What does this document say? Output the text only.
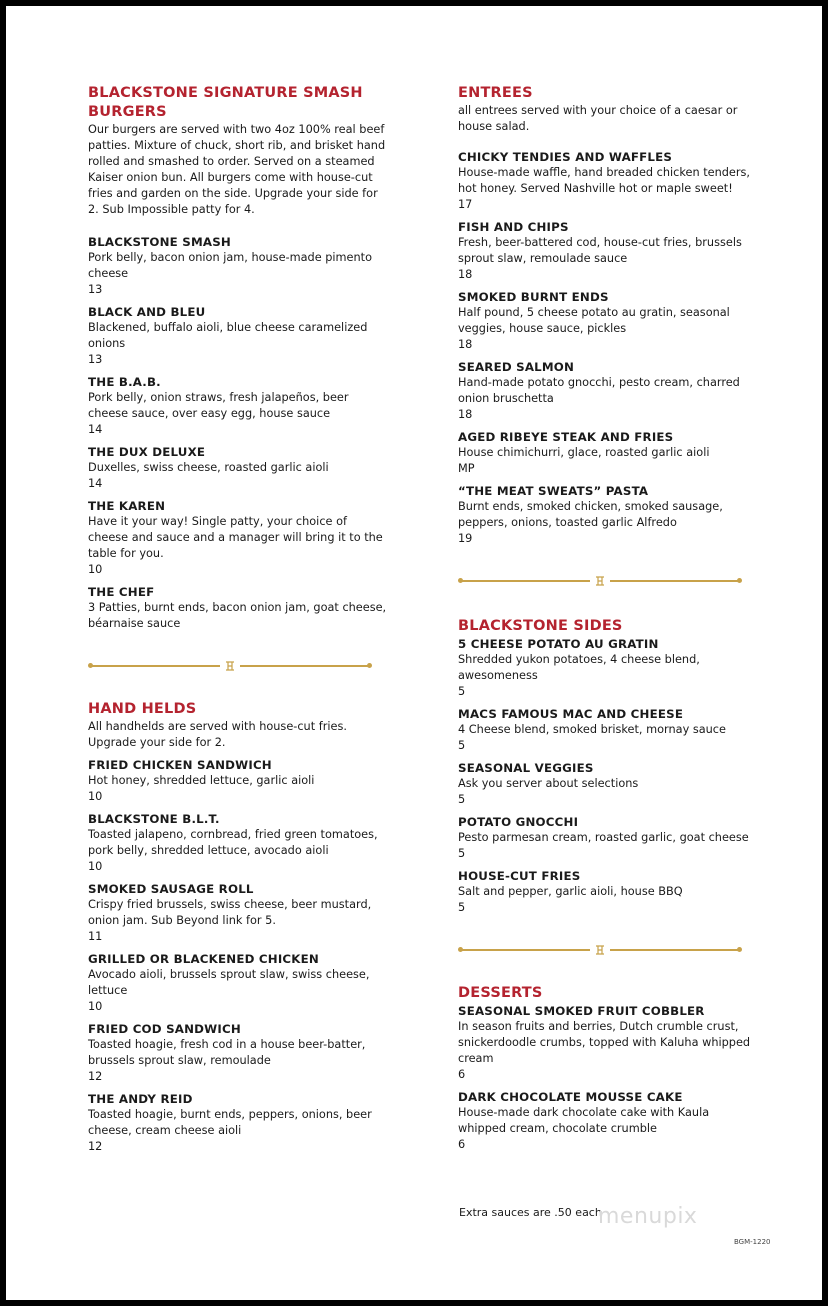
BLACKSTONE SIGNATURE SMASH BURGERS

Our burgers are served with two 4oz 100% real beef patties. Mixture of chuck, short rib, and brisket hand rolled and smashed to order. Served on a steamed Kaiser onion bun. All burgers come with house-cut fries and garden on the side. Upgrade your side for 2. Sub Impossible patty for 4.

BLACKSTONE SMASH
Pork belly, bacon onion jam, house-made pimento cheese
13
BLACK AND BLEU
Blackened, buffalo aioli, blue cheese caramelized onions
13
THE B.A.B.
Pork belly, onion straws, fresh jalapeños, beer cheese sauce, over easy egg, house sauce
14
THE DUX DELUXE
Duxelles, swiss cheese, roasted garlic aioli
14
THE KAREN
Have it your way! Single patty, your choice of cheese and sauce and a manager will bring it to the table for you.
10
THE CHEF
3 Patties, burnt ends, bacon onion jam, goat cheese, béarnaise sauce
HAND HELDS

All handhelds are served with house-cut fries. Upgrade your side for 2.

FRIED CHICKEN SANDWICH
Hot honey, shredded lettuce, garlic aioli
10
BLACKSTONE B.L.T.
Toasted jalapeno, cornbread, fried green tomatoes, pork belly, shredded lettuce, avocado aioli
10
SMOKED SAUSAGE ROLL
Crispy fried brussels, swiss cheese, beer mustard, onion jam. Sub Beyond link for 5.
11
GRILLED OR BLACKENED CHICKEN
Avocado aioli, brussels sprout slaw, swiss cheese, lettuce
10
FRIED COD SANDWICH
Toasted hoagie, fresh cod in a house beer-batter, brussels sprout slaw, remoulade
12
THE ANDY REID
Toasted hoagie, burnt ends, peppers, onions, beer cheese, cream cheese aioli
12
ENTREES

all entrees served with your choice of a caesar or house salad.

CHICKY TENDIES AND WAFFLES
House-made waffle, hand breaded chicken tenders, hot honey. Served Nashville hot or maple sweet!
17
FISH AND CHIPS
Fresh, beer-battered cod, house-cut fries, brussels sprout slaw, remoulade sauce
18
SMOKED BURNT ENDS
Half pound, 5 cheese potato au gratin, seasonal veggies, house sauce, pickles
18
SEARED SALMON
Hand-made potato gnocchi, pesto cream, charred onion bruschetta
18
AGED RIBEYE STEAK AND FRIES
House chimichurri, glace, roasted garlic aioli
MP
“THE MEAT SWEATS” PASTA
Burnt ends, smoked chicken, smoked sausage, peppers, onions, toasted garlic Alfredo
19
BLACKSTONE SIDES
5 CHEESE POTATO AU GRATIN
Shredded yukon potatoes, 4 cheese blend, awesomeness
5
MACS FAMOUS MAC AND CHEESE
4 Cheese blend, smoked brisket, mornay sauce
5
SEASONAL VEGGIES
Ask you server about selections
5
POTATO GNOCCHI
Pesto parmesan cream, roasted garlic, goat cheese
5
HOUSE-CUT FRIES
Salt and pepper, garlic aioli, house BBQ
5
DESSERTS
SEASONAL SMOKED FRUIT COBBLER
In season fruits and berries, Dutch crumble crust, snickerdoodle crumbs, topped with Kaluha whipped cream
6
DARK CHOCOLATE MOUSSE CAKE
House-made dark chocolate cake with Kaula whipped cream, chocolate crumble
6
Extra sauces are .50 each
menupix
BGM-1220
